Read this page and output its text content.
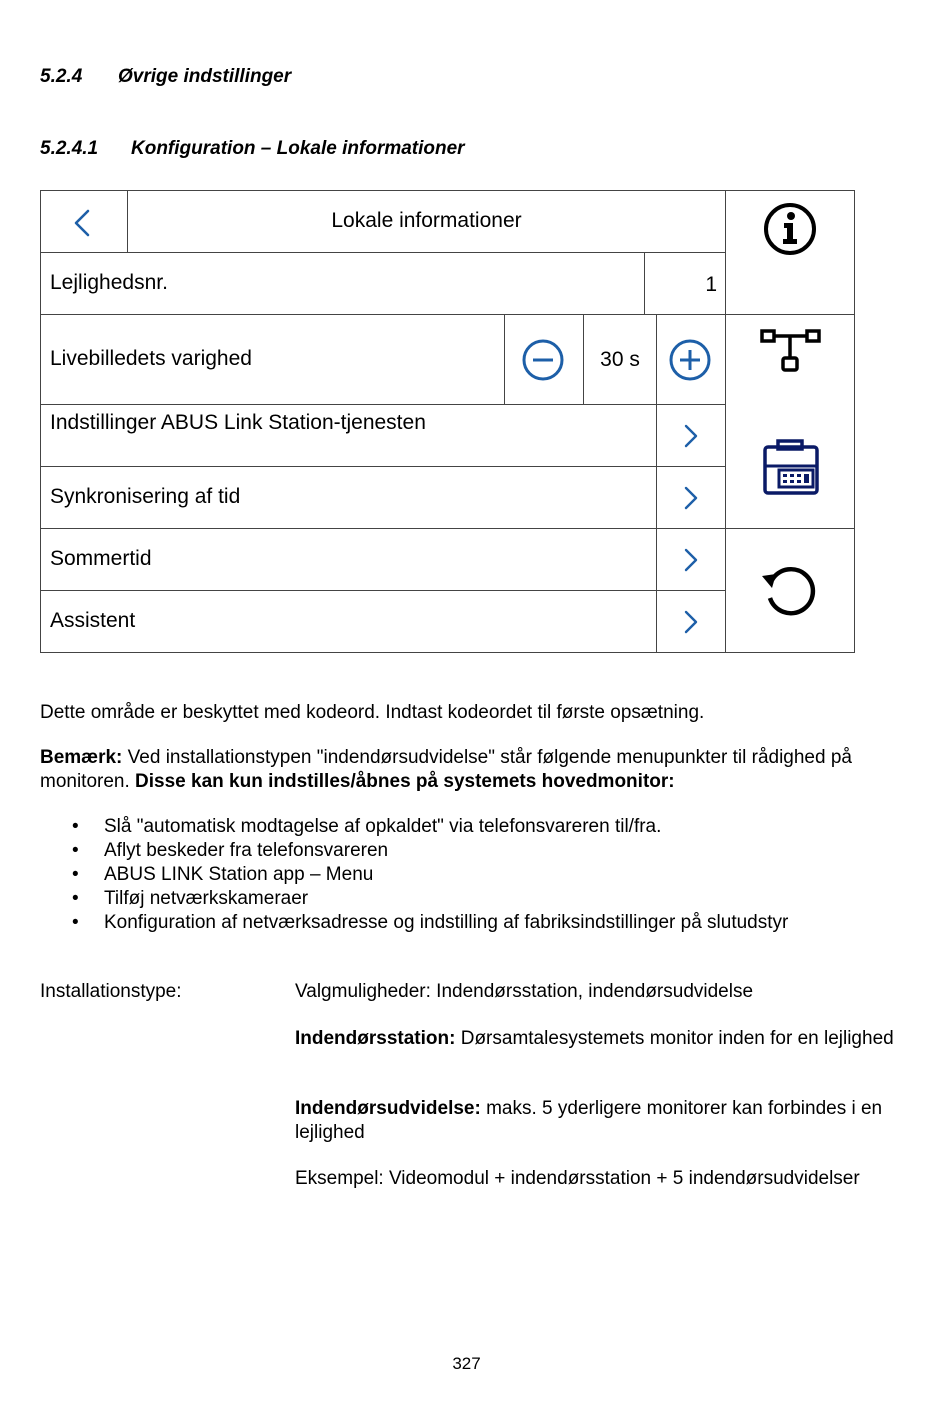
5.2.4 Øvrige indstillinger
5.2.4.1 Konfiguration – Lokale informationer
Lokale informationer
Lejlighedsnr.	1
Livebilledets varighed	30 s
Indstillinger ABUS Link Station-tjenesten
Synkronisering af tid
Sommertid
Assistent
Dette område er beskyttet med kodeord. Indtast kodeordet til første opsætning.
Bemærk: Ved installationstypen "indendørsudvidelse" står følgende menupunkter til rådighed på monitoren. Disse kan kun indstilles/åbnes på systemets hovedmonitor:
• Slå "automatisk modtagelse af opkaldet" via telefonsvareren til/fra.
• Aflyt beskeder fra telefonsvareren
• ABUS LINK Station app – Menu
• Tilføj netværkskameraer
• Konfiguration af netværksadresse og indstilling af fabriksindstillinger på slutudstyr
Installationstype:	Valgmuligheder: Indendørsstation, indendørsudvidelse
Indendørsstation: Dørsamtalesystemets monitor inden for en lejlighed
Indendørsudvidelse: maks. 5 yderligere monitorer kan forbindes i en lejlighed
Eksempel: Videomodul + indendørsstation + 5 indendørsudvidelser
327
